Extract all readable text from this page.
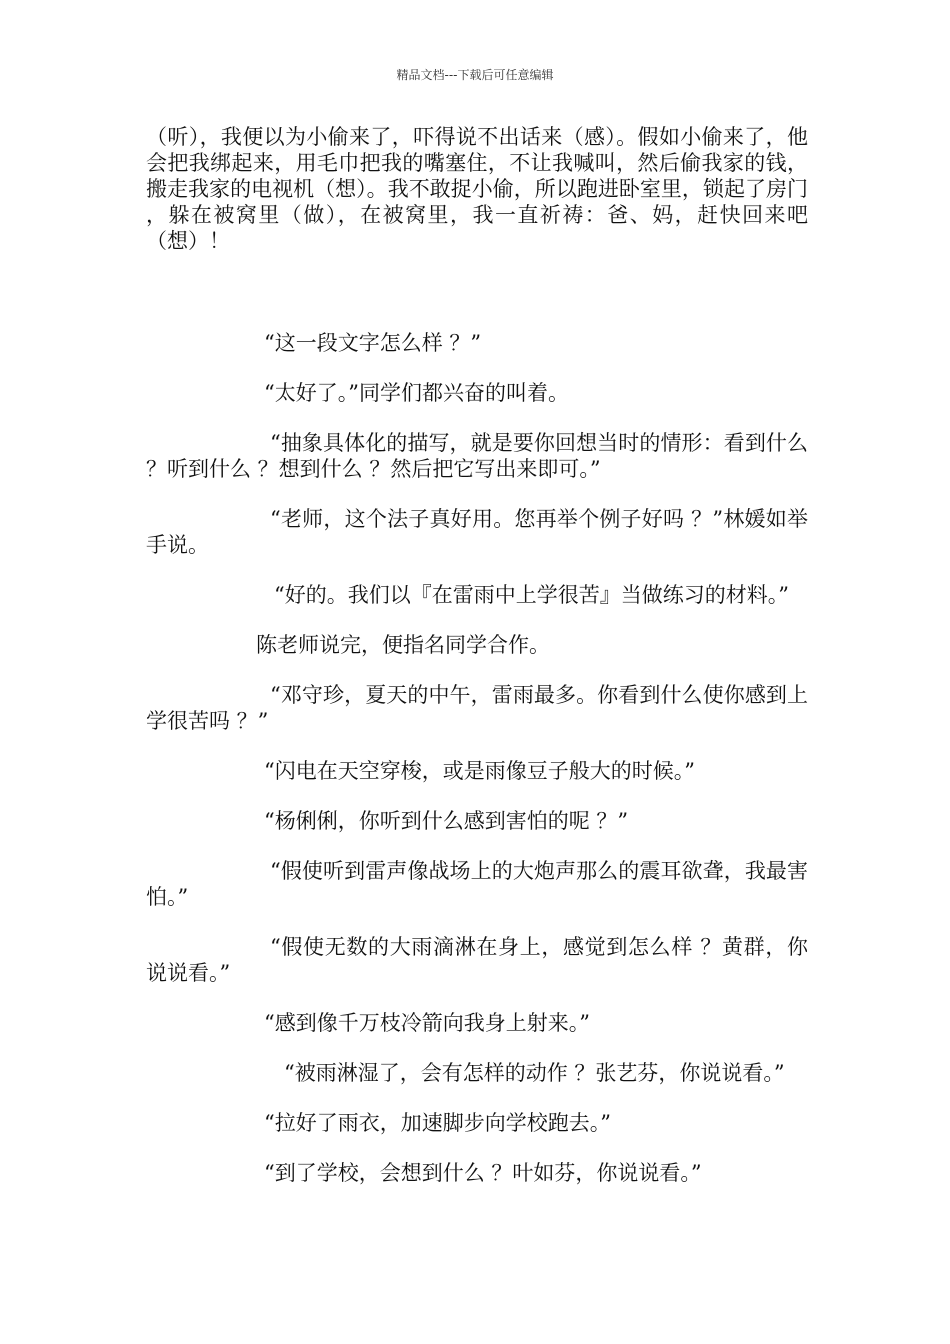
精品文档---下载后可任意编辑

（听），我便以为小偷来了，吓得说不出话来（感）。假如小偷来了，他会把我绑起来，用毛巾把我的嘴塞住，不让我喊叫，然后偷我家的钱，搬走我家的电视机（想）。我不敢捉小偷，所以跑进卧室里，锁起了房门 ，躲在被窝里（做），在被窝里，我一直祈祷：爸、妈，赶快回来吧（想）！

“这一段文字怎么样 ？”

“太好了。”同学们都兴奋的叫着。

“抽象具体化的描写，就是要你回想当时的情形：看到什么 ？听到什么 ？想到什么 ？然后把它写出来即可。”

“老师，这个法子真好用。您再举个例子好吗 ？”林媛如举手说。

“好的。我们以『在雷雨中上学很苦』当做练习的材料。”

陈老师说完，便指名同学合作。

“邓守珍，夏天的中午，雷雨最多。你看到什么使你感到上学很苦吗 ？”

“闪电在天空穿梭，或是雨像豆子般大的时候。”

“杨俐俐，你听到什么感到害怕的呢 ？”

“假使听到雷声像战场上的大炮声那么的震耳欲聋，我最害怕。”

“假使无数的大雨滴淋在身上，感觉到怎么样 ？黄群，你说说看。”

“感到像千万枝冷箭向我身上射来。”

“被雨淋湿了，会有怎样的动作 ？张艺芬，你说说看。”

“拉好了雨衣，加速脚步向学校跑去。”

“到了学校，会想到什么 ？叶如芬，你说说看。”
